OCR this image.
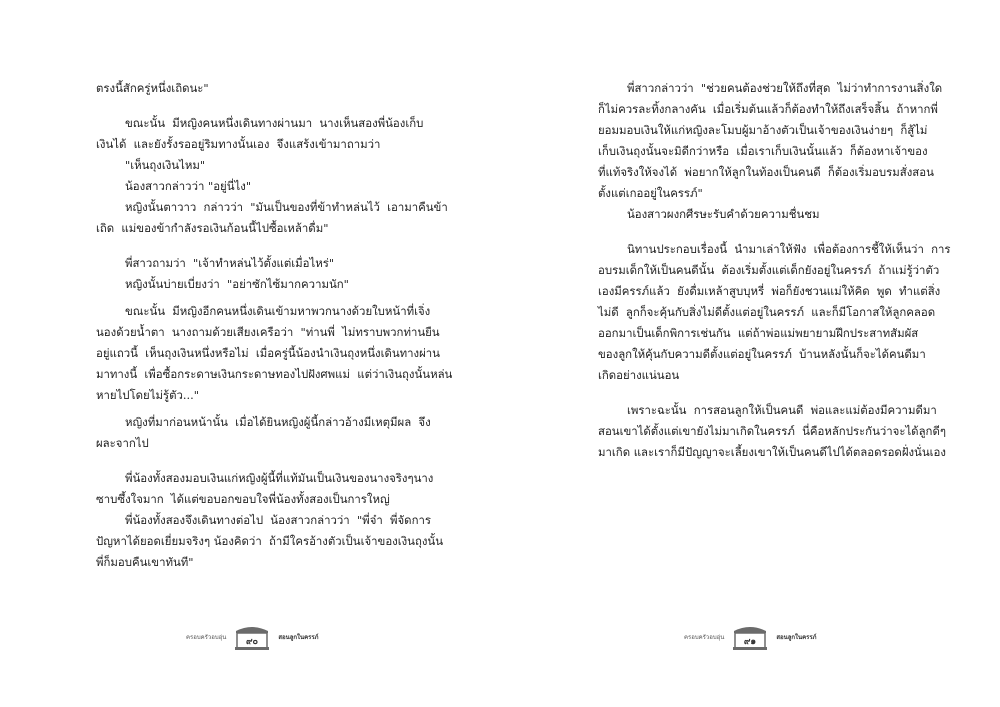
ตรงนี้สักครู่หนึ่งเถิดนะ"

ขณะนั้น  มีหญิงคนหนึ่งเดินทางผ่านมา  นางเห็นสองพี่น้องเก็บ

เงินได้  และยังรั้งรออยู่ริมทางนั้นเอง  จึงแสร้งเข้ามาถามว่า

"เห็นถุงเงินไหม"

น้องสาวกล่าวว่า "อยู่นี่ไง"

หญิงนั้นตาวาว  กล่าวว่า  "มันเป็นของที่ข้าทำหล่นไว้  เอามาคืนข้า

เถิด  แม่ของข้ากำลังรอเงินก้อนนี้ไปซื้อเหล้าดื่ม"

พี่สาวถามว่า  "เจ้าทำหล่นไว้ตั้งแต่เมื่อไหร่"

หญิงนั้นบ่ายเบี่ยงว่า  "อย่าซักไซ้มากความนัก"

ขณะนั้น  มีหญิงอีกคนหนึ่งเดินเข้ามหาพวกนางด้วยใบหน้าที่เจิ่ง

นองด้วยน้ำตา  นางถามด้วยเสียงเครือว่า  "ท่านพี่  ไม่ทราบพวกท่านยืน

อยู่แถวนี้  เห็นถุงเงินหนึ่งหรือไม่  เมื่อครู่นี้น้องนำเงินถุงหนึ่งเดินทางผ่าน

มาทางนี้  เพื่อซื้อกระดาษเงินกระดาษทองไปฝังศพแม่  แต่ว่าเงินถุงนั้นหล่น

หายไปโดยไม่รู้ตัว..."

หญิงที่มาก่อนหน้านั้น  เมื่อได้ยินหญิงผู้นี้กล่าวอ้างมีเหตุมีผล  จึง

ผละจากไป

พี่น้องทั้งสองมอบเงินแก่หญิงผู้นี้ที่แท้มันเป็นเงินของนางจริงๆนาง

ซาบซึ้งใจมาก  ได้แต่ขอบอกขอบใจพี่น้องทั้งสองเป็นการใหญ่

พี่น้องทั้งสองจึงเดินทางต่อไป  น้องสาวกล่าวว่า  "พี่จ๋า  พี่จัดการ

ปัญหาได้ยอดเยี่ยมจริงๆ น้องคิดว่า  ถ้ามีใครอ้างตัวเป็นเจ้าของเงินถุงนั้น

พี่ก็มอบคืนเขาทันที"

ครอบครัวอบอุ่น ๙๐	สอนลูกในครรภ์

พี่สาวกล่าวว่า  "ช่วยคนต้องช่วยให้ถึงที่สุด  ไม่ว่าทำการงานสิ่งใด

ก็ไม่ควรละทิ้งกลางคัน  เมื่อเริ่มต้นแล้วก็ต้องทำให้ถึงเสร็จสิ้น  ถ้าหากพี่

ยอมมอบเงินให้แก่หญิงละโมบผู้มาอ้างตัวเป็นเจ้าของเงินง่ายๆ  ก็สู้ไม่

เก็บเงินถุงนั้นจะมิดีกว่าหรือ  เมื่อเราเก็บเงินนั้นแล้ว  ก็ต้องหาเจ้าของ

ที่แท้จริงให้จงได้  พ่อยากให้ลูกในท้องเป็นคนดี  ก็ต้องเริ่มอบรมสั่งสอน

ตั้งแต่เกออยู่ในครรภ์"

น้องสาวผงกศีรษะรับคำด้วยความชื่นชม

นิทานประกอบเรื่องนี้  นำมาเล่าให้ฟัง  เพื่อต้องการชี้ให้เห็นว่า  การ

อบรมเด็กให้เป็นคนดีนั้น  ต้องเริ่มตั้งแต่เด็กยังอยู่ในครรภ์  ถ้าแม่รู้ว่าตัว

เองมีครรภ์แล้ว  ยังดื่มเหล้าสูบบุหรี่  พ่อก็ยังชวนแม่ให้คิด  พูด  ทำแต่สิ่ง

ไม่ดี  ลูกก็จะคุ้นกับสิ่งไม่ดีตั้งแต่อยู่ในครรภ์  และก็มีโอกาสให้ลูกคลอด

ออกมาเป็นเด็กพิการเช่นกัน  แต่ถ้าพ่อแม่พยายามฝึกประสาทสัมผัส

ของลูกให้คุ้นกับความดีตั้งแต่อยู่ในครรภ์  บ้านหลังนั้นก็จะได้คนดีมา

เกิดอย่างแน่นอน

เพราะฉะนั้น  การสอนลูกให้เป็นคนดี  พ่อและแม่ต้องมีความดีมา

สอนเขาได้ตั้งแต่เขายังไม่มาเกิดในครรภ์  นี่คือหลักประกันว่าจะได้ลูกดีๆ

มาเกิด และเราก็มีปัญญาจะเลี้ยงเขาให้เป็นคนดีไปได้ตลอดรอดฝั่งนั่นเอง

ครอบครัวอบอุ่น ๙๑	สอนลูกในครรภ์
